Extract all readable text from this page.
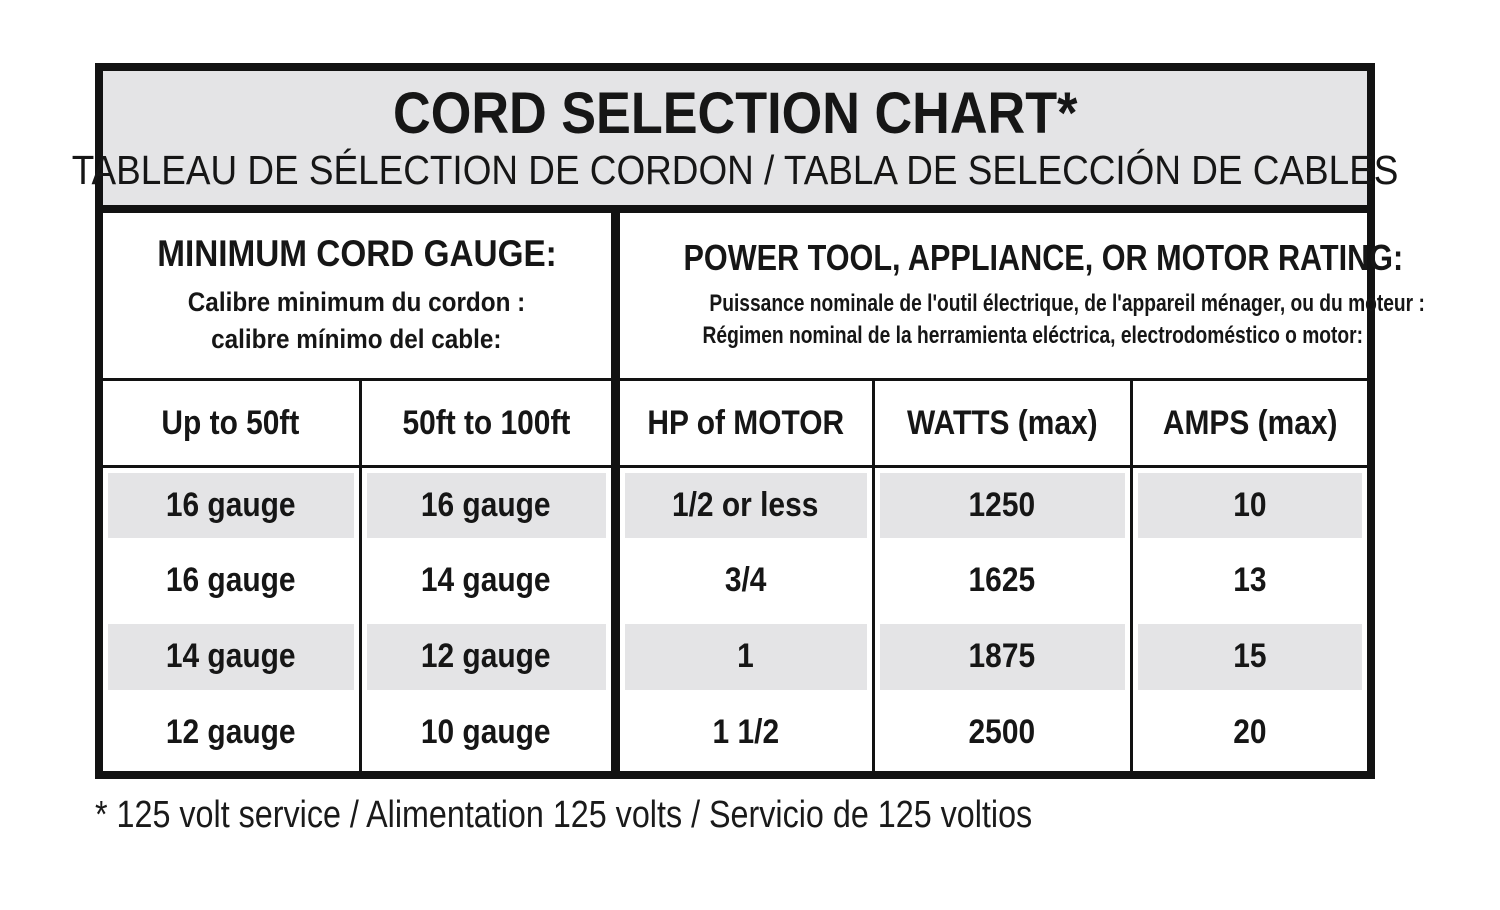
CORD SELECTION CHART*
TABLEAU DE SÉLECTION DE CORDON / TABLA DE SELECCIÓN DE CABLES
MINIMUM CORD GAUGE:
Calibre minimum du cordon :
calibre mínimo del cable:

POWER TOOL, APPLIANCE, OR MOTOR RATING:
Puissance nominale de l'outil électrique, de l'appareil ménager, ou du moteur :
Régimen nominal de la herramienta eléctrica, electrodoméstico o motor:

Up to 50ft	50ft to 100ft	HP of MOTOR	WATTS (max)	AMPS (max)

16 gauge	16 gauge	1/2 or less	1250	10

16 gauge	14 gauge	3/4	1625	13

14 gauge	12 gauge	1	1875	15

12 gauge	10 gauge	1 1/2	2500	20
* 125 volt service / Alimentation 125 volts / Servicio de 125 voltios
